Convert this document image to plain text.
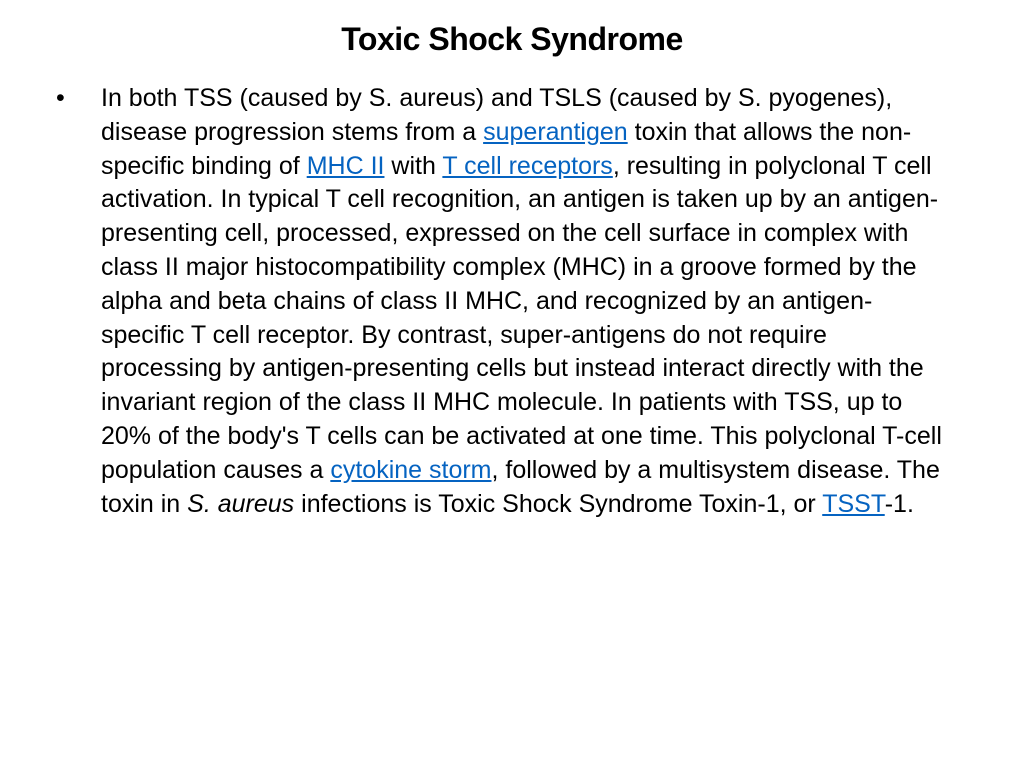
Toxic Shock Syndrome
•	In both TSS (caused by S. aureus) and TSLS (caused by S. pyogenes), disease progression stems from a superantigen toxin that allows the non-specific binding of MHC II with T cell receptors, resulting in polyclonal T cell activation. In typical T cell recognition, an antigen is taken up by an antigen-presenting cell, processed, expressed on the cell surface in complex with class II major histocompatibility complex (MHC) in a groove formed by the alpha and beta chains of class II MHC, and recognized by an antigen-specific T cell receptor. By contrast, super-antigens do not require processing by antigen-presenting cells but instead interact directly with the invariant region of the class II MHC molecule. In patients with TSS, up to 20% of the body's T cells can be activated at one time. This polyclonal T-cell population causes a cytokine storm, followed by a multisystem disease. The toxin in S. aureus infections is Toxic Shock Syndrome Toxin-1, or TSST-1.
